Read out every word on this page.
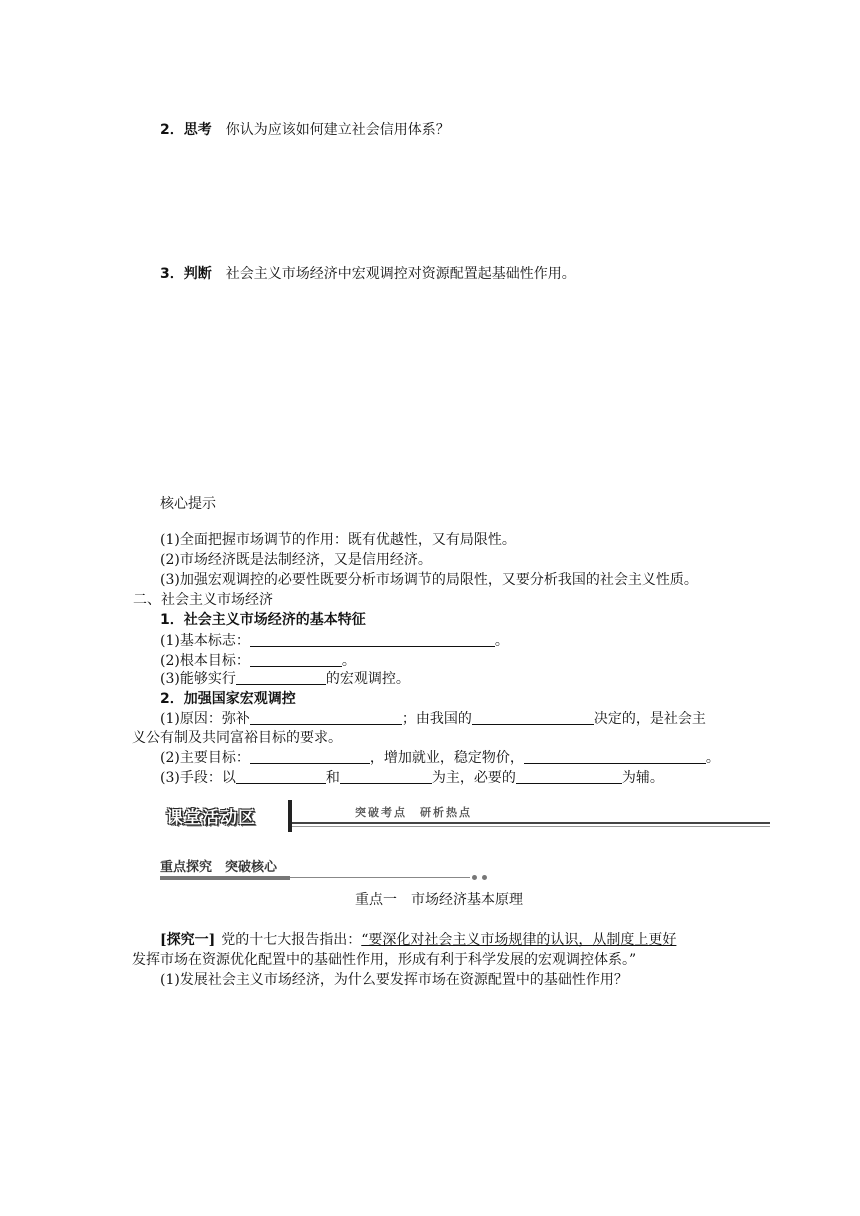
2．思考 你认为应该如何建立社会信用体系？
3．判断 社会主义市场经济中宏观调控对资源配置起基础性作用。
核心提示
(1)全面把握市场调节的作用：既有优越性，又有局限性。
(2)市场经济既是法制经济，又是信用经济。
(3)加强宏观调控的必要性既要分析市场调节的局限性，又要分析我国的社会主义性质。
二、社会主义市场经济
1．社会主义市场经济的基本特征
(1)基本标志：	。
(2)根本目标：	。
(3)能够实行	的宏观调控。
2．加强国家宏观调控
(1)原因：弥补	；由我国的	决定的，是社会主
义公有制及共同富裕目标的要求。
(2)主要目标：	，增加就业，稳定物价，	。
(3)手段：以	和	为主，必要的	为辅。
课堂活动区	突破考点　研析热点
重点探究　突破核心
重点一　市场经济基本原理
[探究一] 党的十七大报告指出：“要深化对社会主义市场规律的认识，从制度上更好
发挥市场在资源优化配置中的基础性作用，形成有利于科学发展的宏观调控体系。”
(1)发展社会主义市场经济，为什么要发挥市场在资源配置中的基础性作用？
